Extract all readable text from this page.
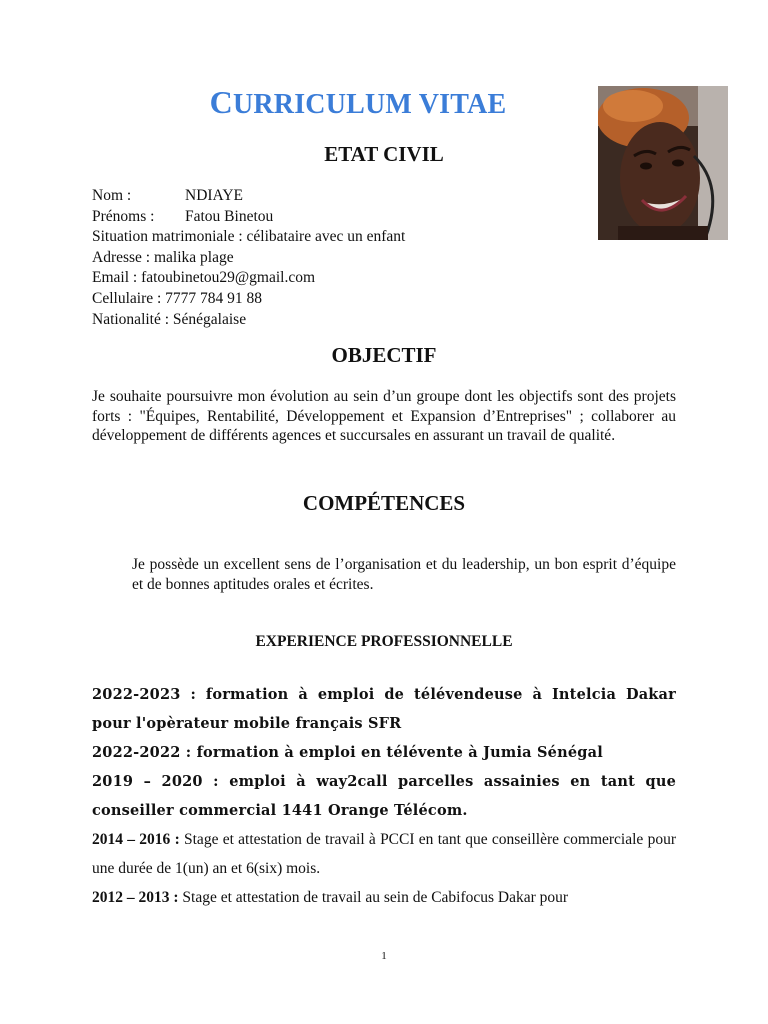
CURRICULUM VITAE
ETAT CIVIL
Nom :	NDIAYE
Prénoms : Fatou Binetou
Situation matrimoniale : célibataire avec un enfant
Adresse : malika plage
Email : fatoubinetou29@gmail.com
Cellulaire : 7777 784 91 88
Nationalité : Sénégalaise
OBJECTIF
Je souhaite poursuivre mon évolution au sein d’un groupe dont les objectifs sont des projets forts : "Équipes, Rentabilité, Développement et Expansion d’Entreprises" ; collaborer au développement de différents agences et succursales en assurant un travail de qualité.
COMPÉTENCES
Je possède un excellent sens de l’organisation et du leadership, un bon esprit d’équipe et de bonnes aptitudes orales et écrites.
EXPERIENCE PROFESSIONNELLE

2022-2023 : formation à emploi de télévendeuse à Intelcia Dakar pour l'opèrateur mobile français SFR

2022-2022 : formation à emploi en télévente à Jumia Sénégal

2019 – 2020 : emploi à way2call parcelles assainies en tant que conseiller commercial 1441 Orange Télécom.

2014 – 2016 : Stage et attestation de travail à PCCI en tant que conseillère commerciale pour une durée de 1(un) an et 6(six) mois.

2012 – 2013 : Stage et attestation de travail au sein de Cabifocus Dakar pour

1
